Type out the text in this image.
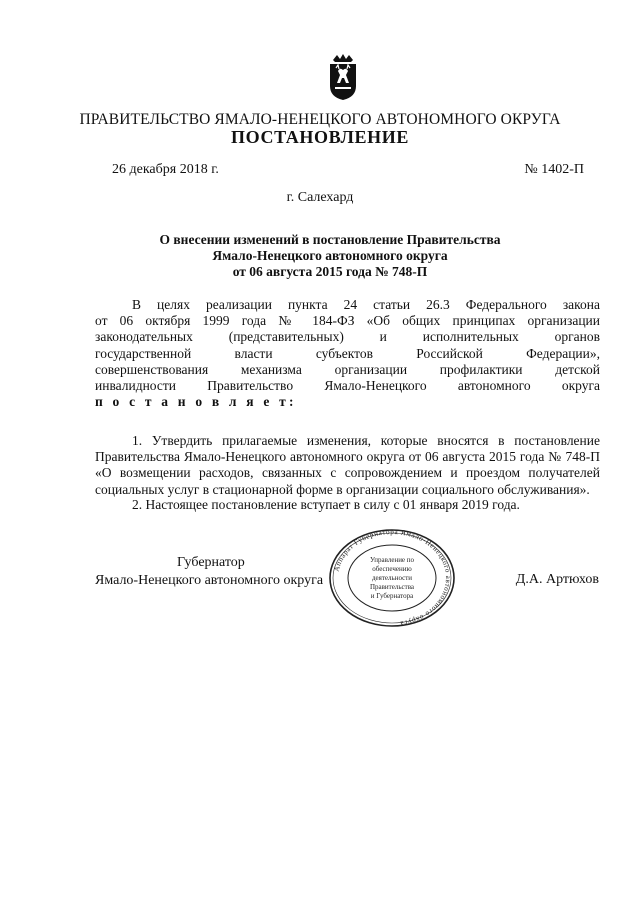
ПРАВИТЕЛЬСТВО ЯМАЛО-НЕНЕЦКОГО АВТОНОМНОГО ОКРУГА
ПОСТАНОВЛЕНИЕ
26 декабря 2018 г.	№ 1402-П
г. Салехард
О внесении изменений в постановление Правительства
Ямало-Ненецкого автономного округа
от 06 августа 2015 года № 748-П
В целях реализации пункта 24 статьи 26.3 Федерального закона
от 06 октября 1999 года № 184-ФЗ «Об общих принципах организации
законодательных (представительных) и исполнительных органов
государственной власти субъектов Российской Федерации»,
совершенствования механизма организации профилактики детской
инвалидности Правительство Ямало-Ненецкого автономного округа
п о с т а н о в л я е т:
1. Утвердить прилагаемые изменения, которые вносятся в постановление Правительства Ямало-Ненецкого автономного округа от 06 августа 2015 года № 748-П «О возмещении расходов, связанных с сопровождением и проездом получателей социальных услуг в стационарной форме в организации социального обслуживания».
2. Настоящее постановление вступает в силу с 01 января 2019 года.
Губернатор
Ямало-Ненецкого автономного округа
Аппарат Губернатора Ямало-Ненецкого автономного округа
Управление по
обеспечению
деятельности
Правительства
и Губернатора
Д.А. Артюхов
